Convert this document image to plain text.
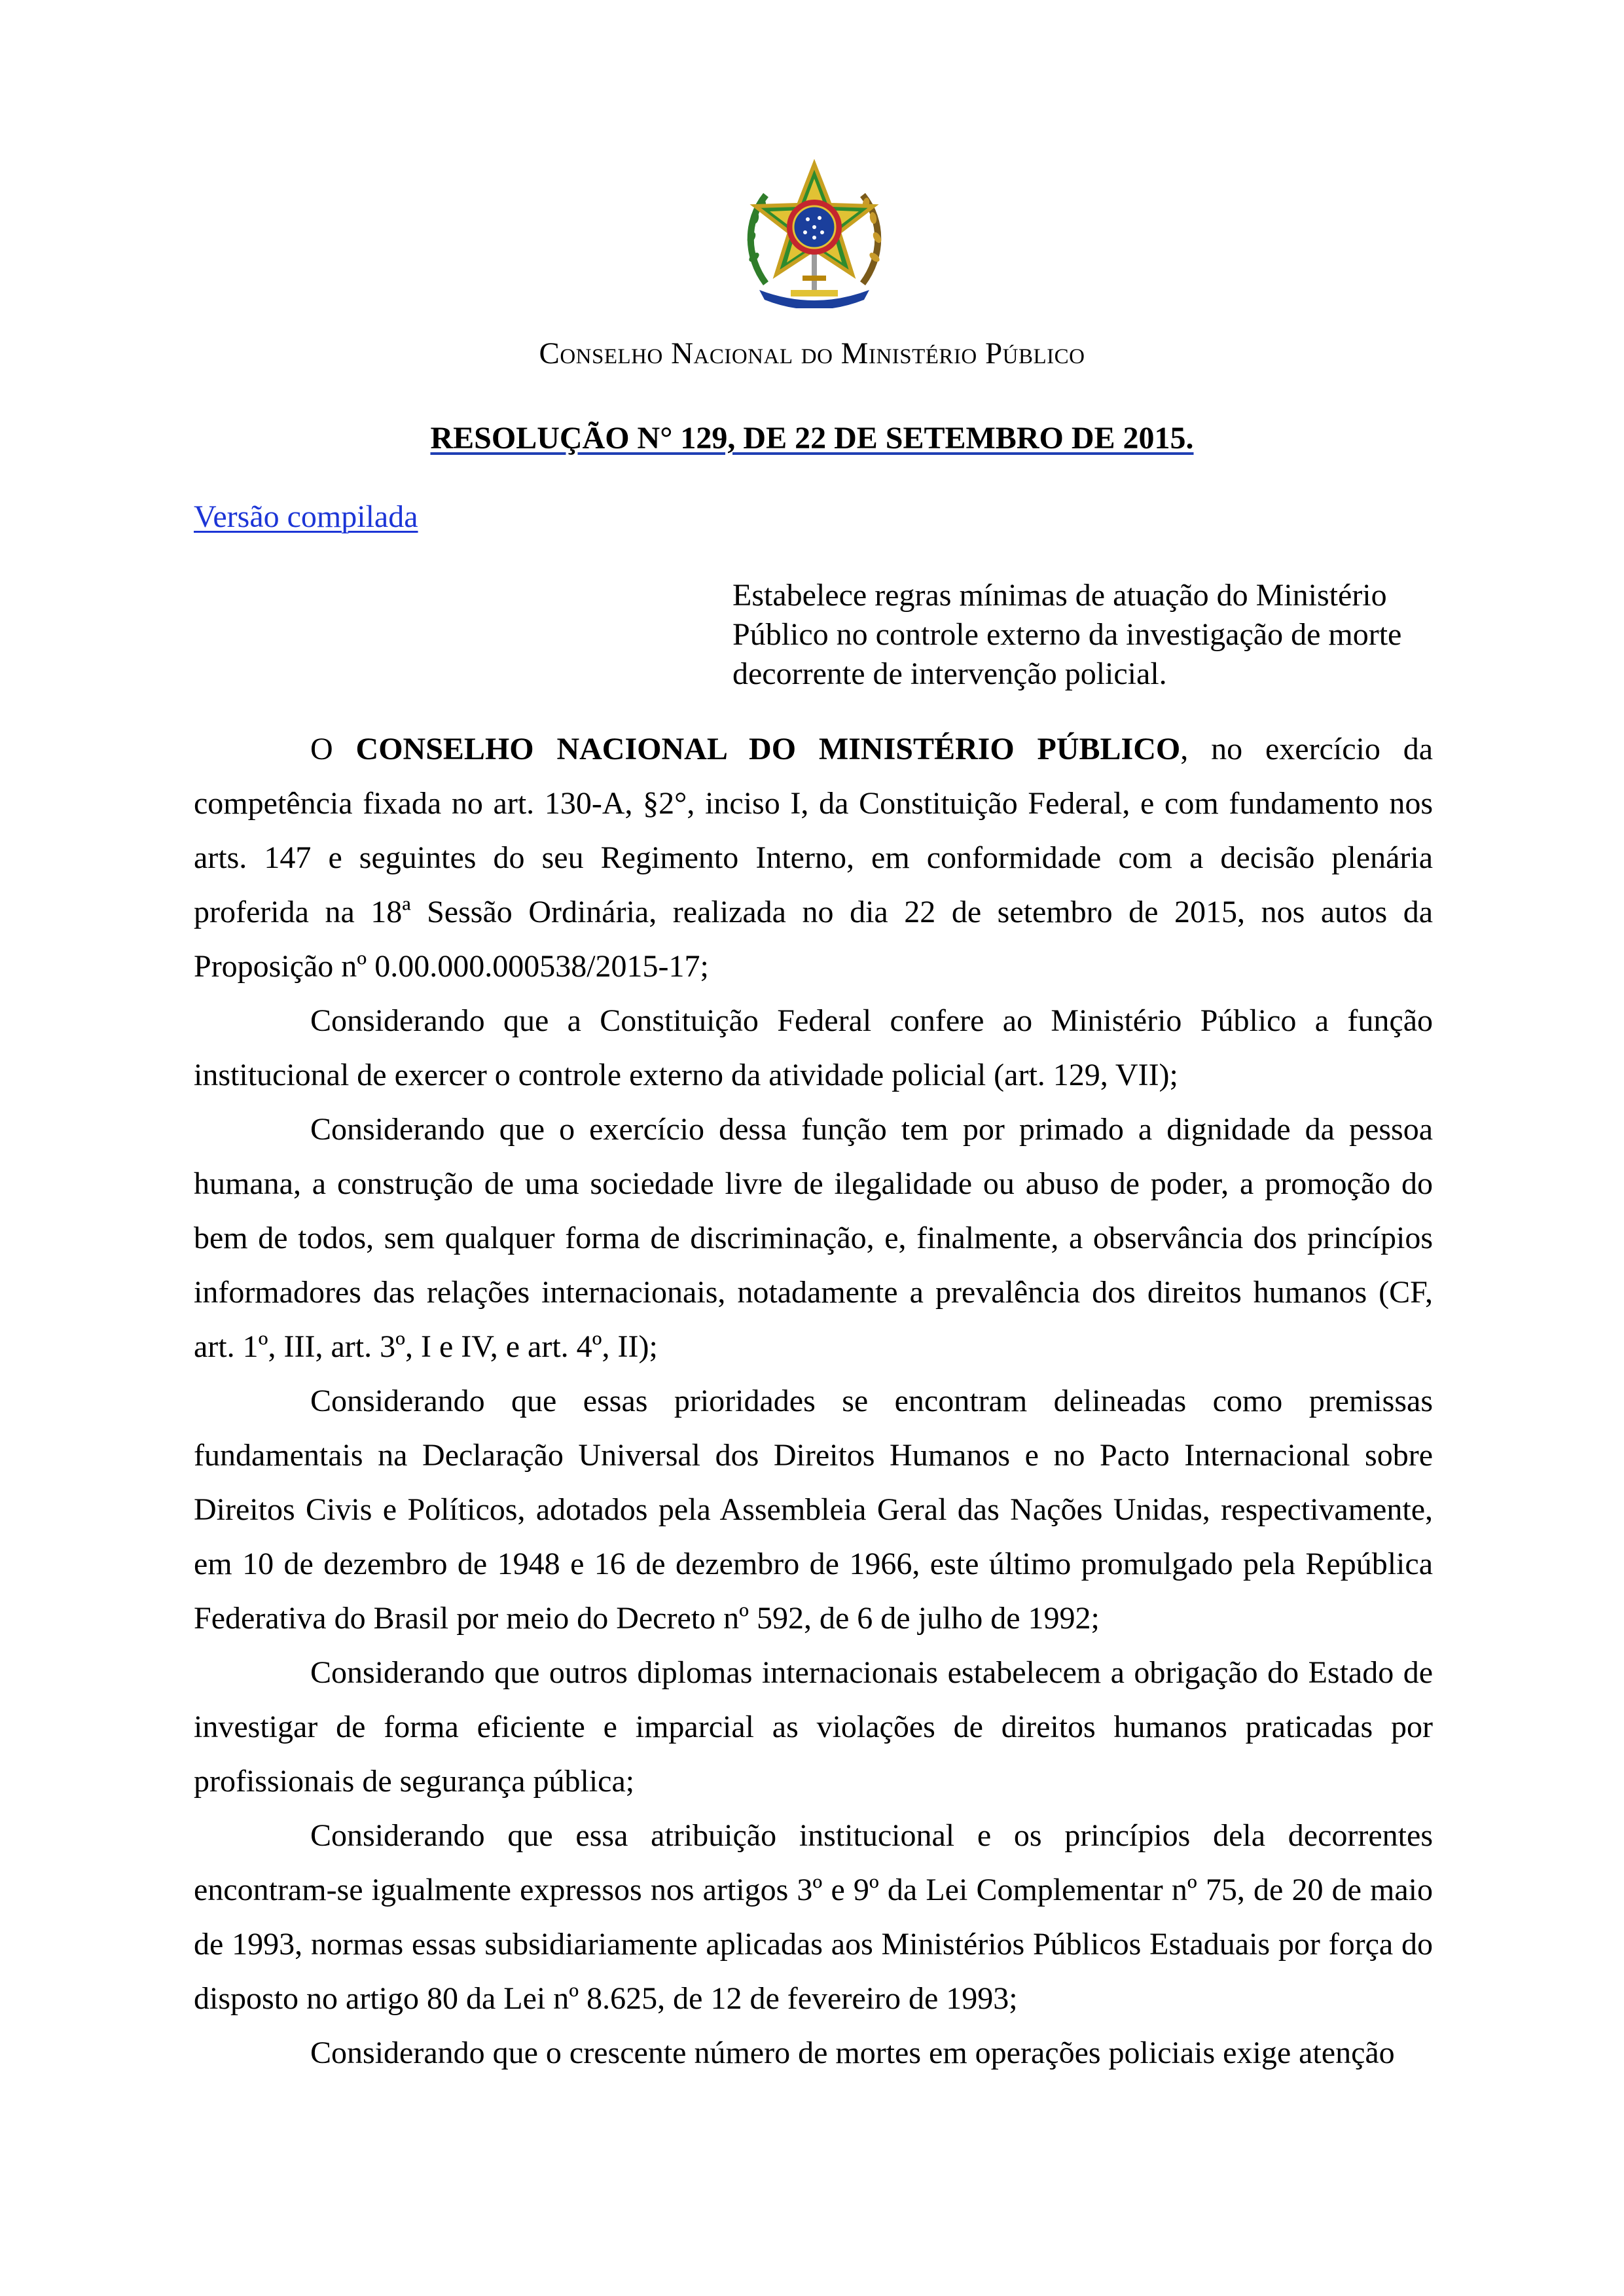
Conselho Nacional do Ministério Público
RESOLUÇÃO N° 129, DE 22 DE SETEMBRO DE 2015.
Versão compilada

Estabelece regras mínimas de atuação do Ministério

Público no controle externo da investigação de morte

decorrente de intervenção policial.

O CONSELHO NACIONAL DO MINISTÉRIO PÚBLICO, no exercício da competência fixada no art. 130-A, §2°, inciso I, da Constituição Federal, e com fundamento nos arts. 147 e seguintes do seu Regimento Interno, em conformidade com a decisão plenária proferida na 18ª Sessão Ordinária, realizada no dia 22 de setembro de 2015, nos autos da Proposição nº 0.00.000.000538/2015-17;

Considerando que a Constituição Federal confere ao Ministério Público a função institucional de exercer o controle externo da atividade policial (art. 129, VII);

Considerando que o exercício dessa função tem por primado a dignidade da pessoa humana, a construção de uma sociedade livre de ilegalidade ou abuso de poder, a promoção do bem de todos, sem qualquer forma de discriminação, e, finalmente, a observância dos princípios informadores das relações internacionais, notadamente a prevalência dos direitos humanos (CF, art. 1º, III, art. 3º, I e IV, e art. 4º, II);

Considerando que essas prioridades se encontram delineadas como premissas fundamentais na Declaração Universal dos Direitos Humanos e no Pacto Internacional sobre Direitos Civis e Políticos, adotados pela Assembleia Geral das Nações Unidas, respectivamente, em 10 de dezembro de 1948 e 16 de dezembro de 1966, este último promulgado pela República Federativa do Brasil por meio do Decreto nº 592, de 6 de julho de 1992;

Considerando que outros diplomas internacionais estabelecem a obrigação do Estado de investigar de forma eficiente e imparcial as violações de direitos humanos praticadas por profissionais de segurança pública;

Considerando que essa atribuição institucional e os princípios dela decorrentes encontram-se igualmente expressos nos artigos 3º e 9º da Lei Complementar nº 75, de 20 de maio de 1993, normas essas subsidiariamente aplicadas aos Ministérios Públicos Estaduais por força do disposto no artigo 80 da Lei nº 8.625, de 12 de fevereiro de 1993;

Considerando que o crescente número de mortes em operações policiais exige atenção
